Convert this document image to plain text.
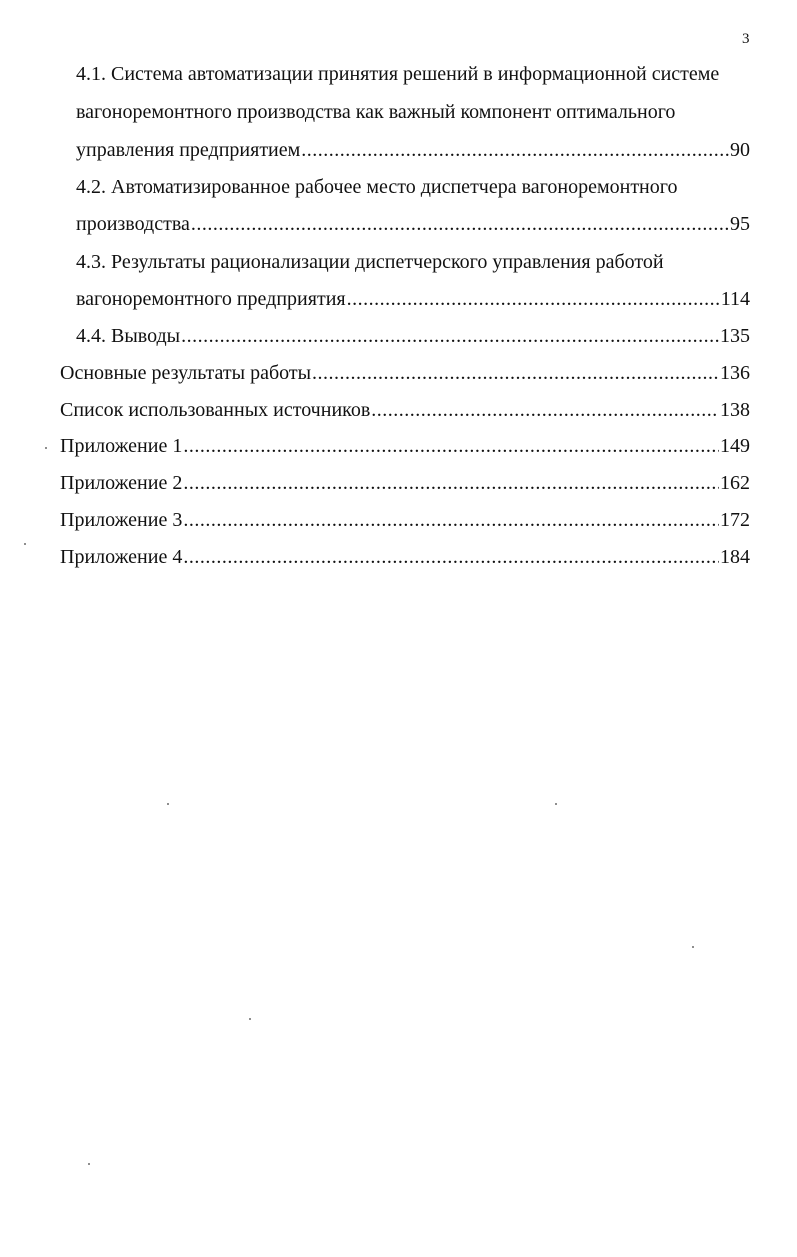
3
4.1. Система автоматизации принятия решений в информационной системе
вагоноремонтного производства как важный компонент оптимального
управления предприятием .....	90
4.2. Автоматизированное рабочее место диспетчера вагоноремонтного
производства .....	95
4.3. Результаты рационализации диспетчерского управления работой
вагоноремонтного предприятия .....	114
4.4. Выводы .....	135
Основные результаты работы .....	136
Список использованных источников .....	138
Приложение 1 .....	149
Приложение 2 .....	162
Приложение 3 .....	172
Приложение 4 .....	184
